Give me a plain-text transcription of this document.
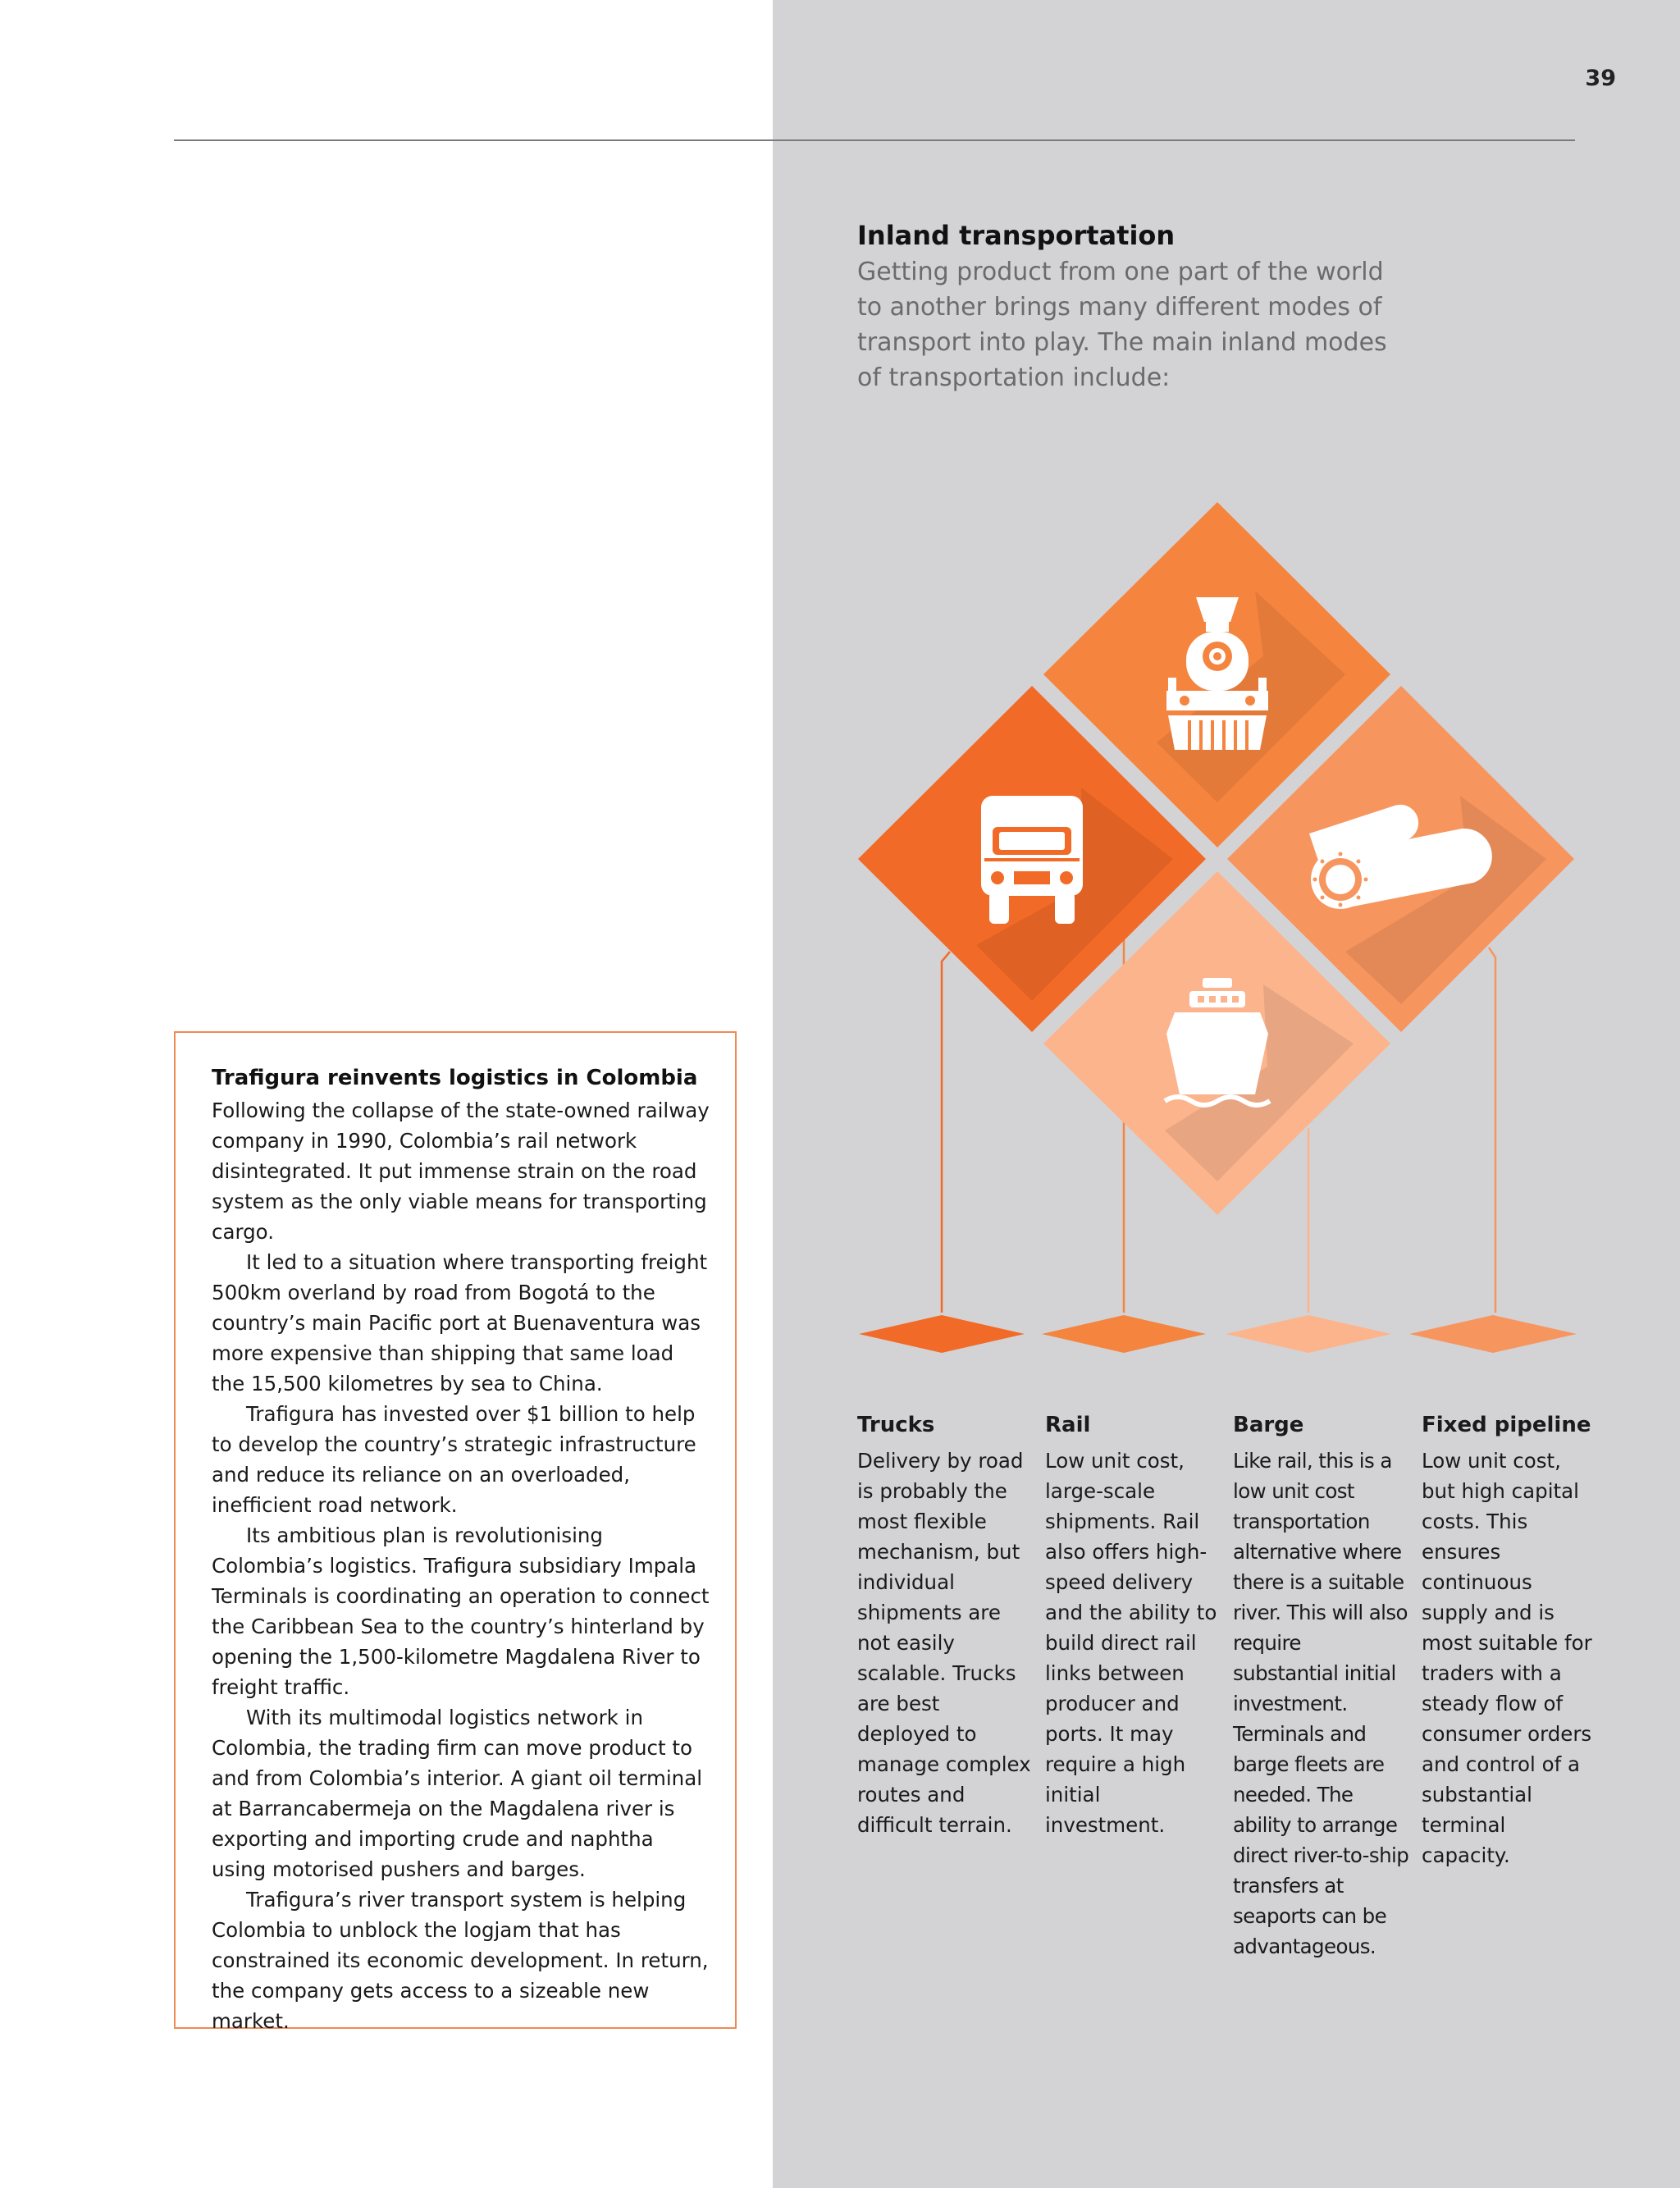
39
Inland transportation
Getting product from one part of the world to another brings many different modes of transport into play. The main inland modes of transportation include:
Trucks
Delivery by road is probably the most flexible mechanism, but individual shipments are not easily scalable. Trucks are best deployed to manage complex routes and difficult terrain.
Rail
Low unit cost, large-scale shipments. Rail also offers high-speed delivery and the ability to build direct rail links between producer and ports. It may require a high initial investment.
Barge
Like rail, this is a low unit cost transportation alternative where there is a suitable river. This will also require substantial initial investment. Terminals and barge fleets are needed. The ability to arrange direct river-to-ship transfers at seaports can be advantageous.
Fixed pipeline
Low unit cost, but high capital costs. This ensures continuous supply and is most suitable for traders with a steady flow of consumer orders and control of a substantial terminal capacity.
Trafigura reinvents logistics in Colombia

Following the collapse of the state-owned railway company in 1990, Colombia’s rail network disintegrated. It put immense strain on the road system as the only viable means for transporting cargo.

It led to a situation where transporting freight 500km overland by road from Bogotá to the country’s main Pacific port at Buenaventura was more expensive than shipping that same load the 15,500 kilometres by sea to China.

Trafigura has invested over $1 billion to help to develop the country’s strategic infrastructure and reduce its reliance on an overloaded, inefficient road network.

Its ambitious plan is revolutionising Colombia’s logistics. Trafigura subsidiary Impala Terminals is coordinating an operation to connect the Caribbean Sea to the country’s hinterland by opening the 1,500-kilometre Magdalena River to freight traffic.

With its multimodal logistics network in Colombia, the trading firm can move product to and from Colombia’s interior. A giant oil terminal at Barrancabermeja on the Magdalena river is exporting and importing crude and naphtha using motorised pushers and barges.

Trafigura’s river transport system is helping Colombia to unblock the logjam that has constrained its economic development. In return, the company gets access to a sizeable new market.
